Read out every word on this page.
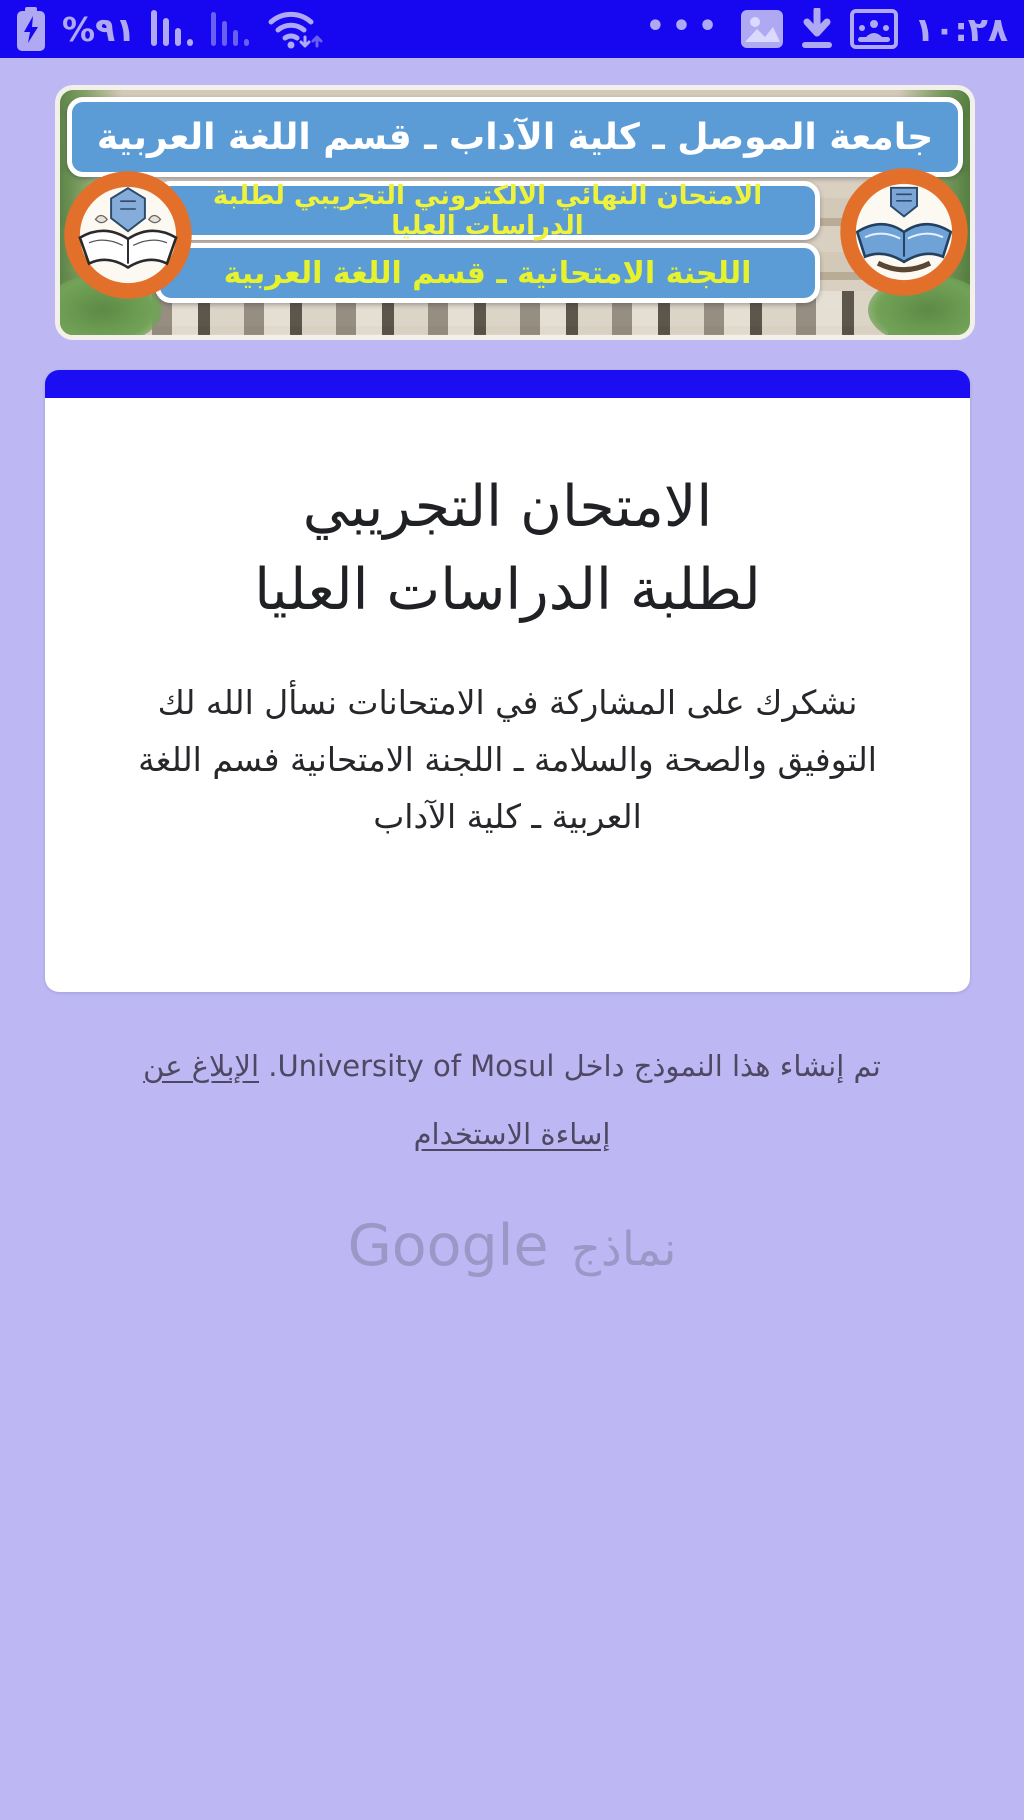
%٩١	•••	١٠:٢٨
جامعة الموصل ـ كلية الآداب ـ قسم اللغة العربية
الامتحان النهائي الالكتروني التجريبي لطلبة الدراسات العليا
اللجنة الامتحانية ـ قسم اللغة العربية
الامتحان التجريبي
لطلبة الدراسات العليا

نشكرك على المشاركة في الامتحانات نسأل الله لك التوفيق والصحة والسلامة ـ اللجنة الامتحانية فسم اللغة العربية ـ كلية الآداب

تم إنشاء هذا النموذج داخل University of Mosul. الإبلاغ عن إساءة الاستخدام

Google نماذج
